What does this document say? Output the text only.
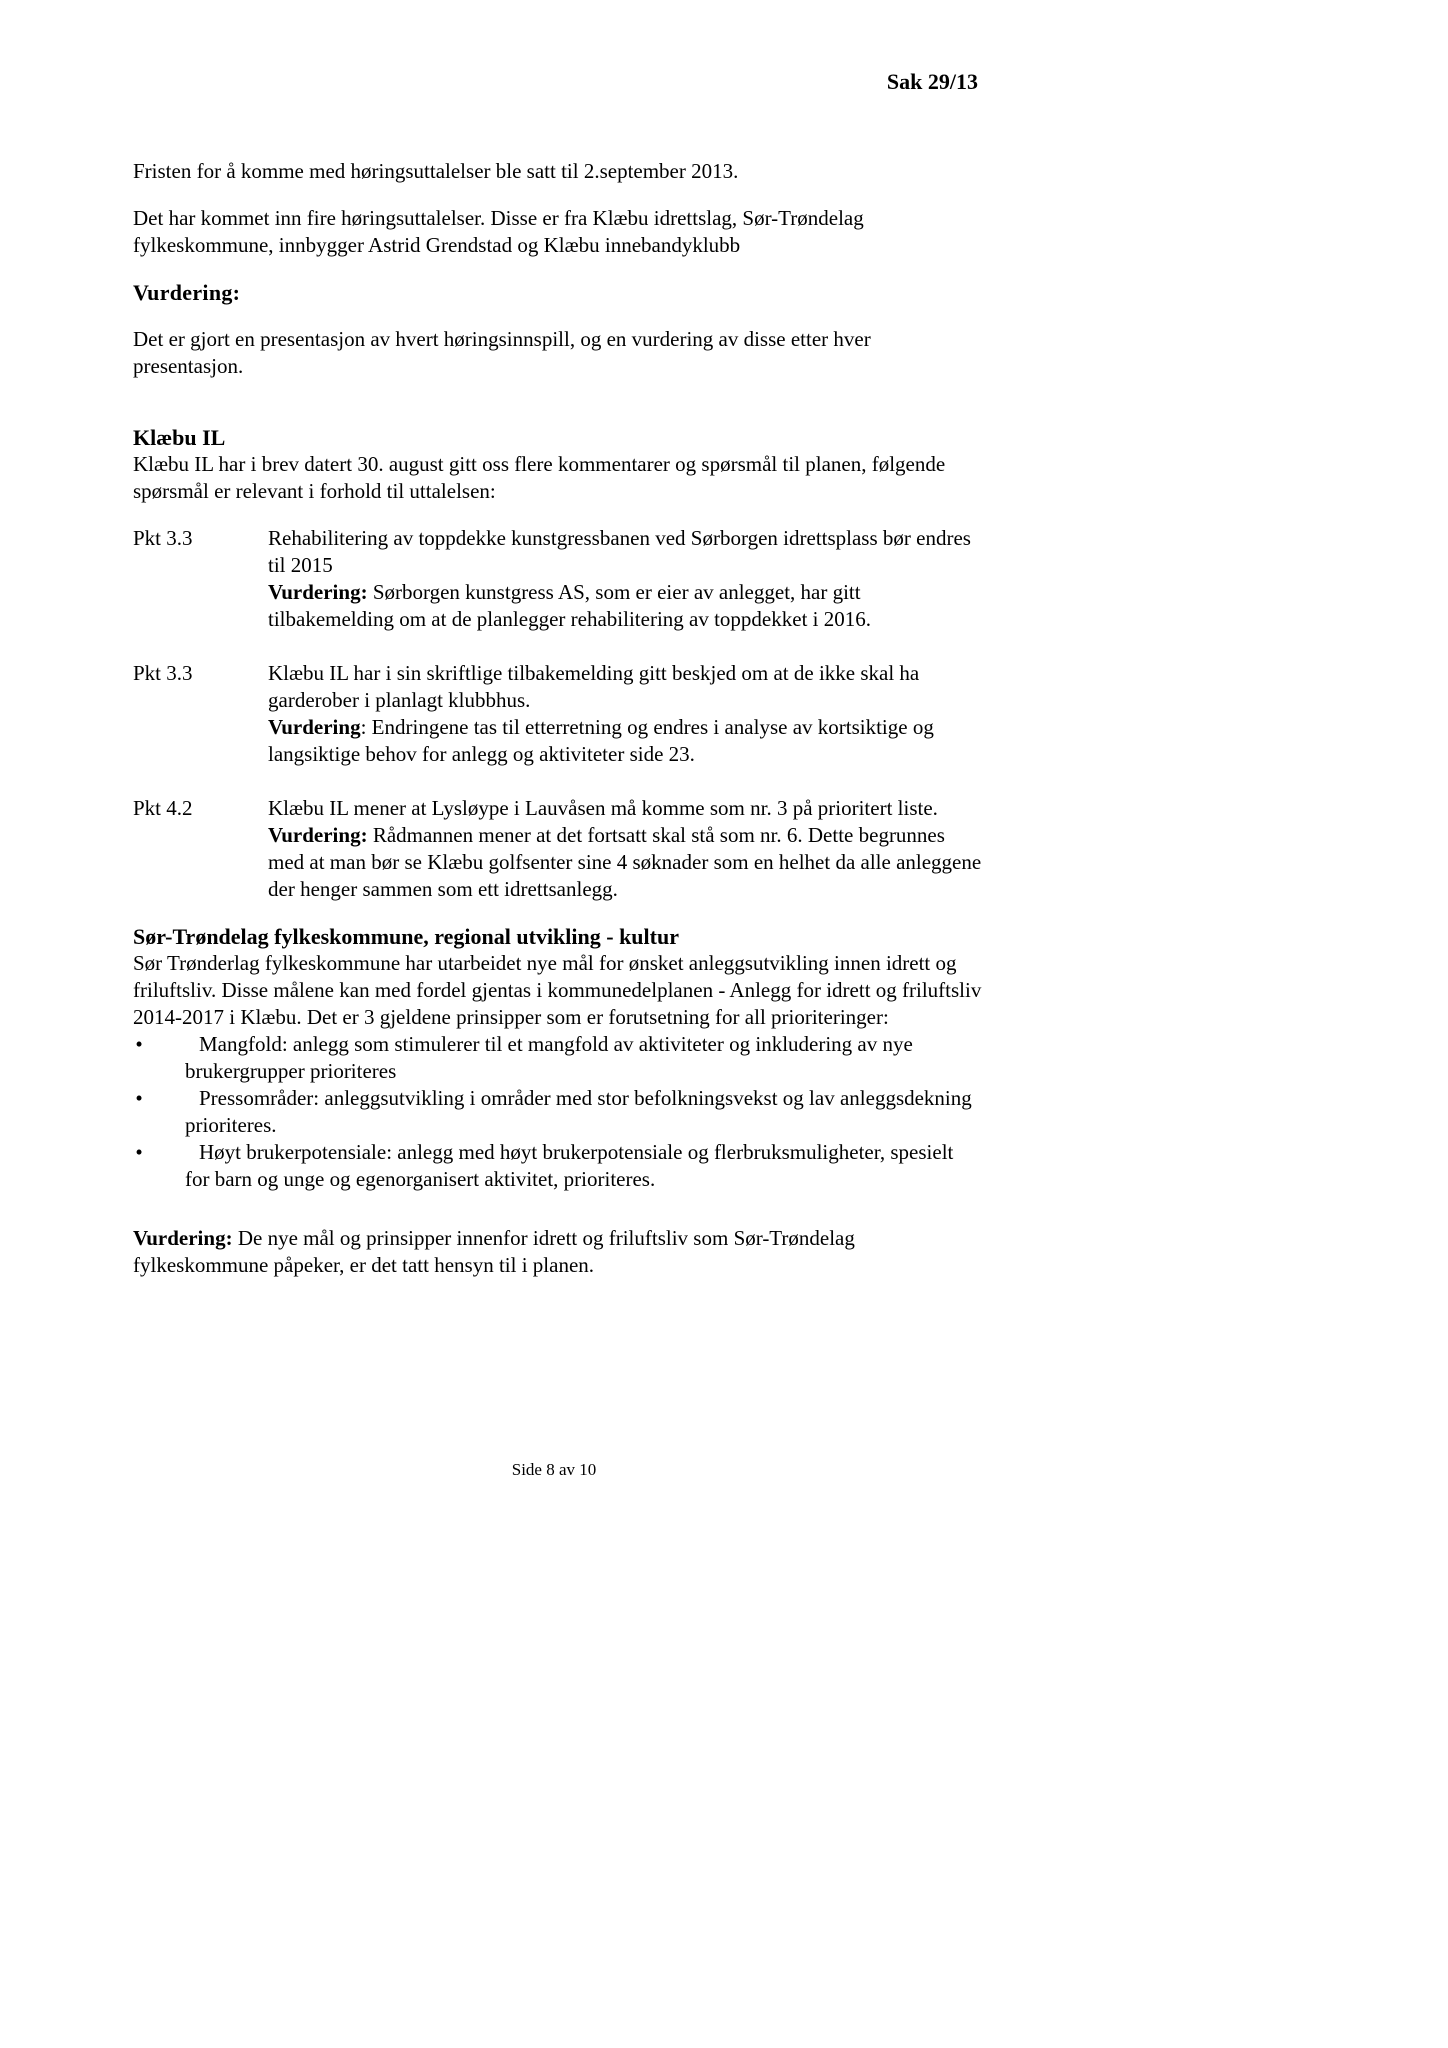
Sak 29/13

Fristen for å komme med høringsuttalelser ble satt til 2.september 2013.

Det har kommet inn fire høringsuttalelser. Disse er fra Klæbu idrettslag, Sør-Trøndelag fylkeskommune, innbygger Astrid Grendstad og Klæbu innebandyklubb

Vurdering:

Det er gjort en presentasjon av hvert høringsinnspill, og en vurdering av disse etter hver presentasjon.

Klæbu IL

Klæbu IL har i brev datert 30. august gitt oss flere kommentarer og spørsmål til planen, følgende spørsmål er relevant i forhold til uttalelsen:

Pkt 3.3	Rehabilitering av toppdekke kunstgressbanen ved Sørborgen idrettsplass bør endres til 2015

Vurdering: Sørborgen kunstgress AS, som er eier av anlegget, har gitt tilbakemelding om at de planlegger rehabilitering av toppdekket i 2016.

Pkt 3.3	Klæbu IL har i sin skriftlige tilbakemelding gitt beskjed om at de ikke skal ha garderober i planlagt klubbhus.

Vurdering: Endringene tas til etterretning og endres i analyse av kortsiktige og langsiktige behov for anlegg og aktiviteter side 23.

Pkt 4.2	Klæbu IL mener at Lysløype i Lauvåsen må komme som nr. 3 på prioritert liste.

Vurdering: Rådmannen mener at det fortsatt skal stå som nr. 6. Dette begrunnes med at man bør se Klæbu golfsenter sine 4 søknader som en helhet da alle anleggene der henger sammen som ett idrettsanlegg.

Sør-Trøndelag fylkeskommune, regional utvikling - kultur

Sør Trønderlag fylkeskommune har utarbeidet nye mål for ønsket anleggsutvikling innen idrett og friluftsliv. Disse målene kan med fordel gjentas i kommunedelplanen - Anlegg for idrett og friluftsliv 2014-2017 i Klæbu. Det er 3 gjeldene prinsipper som er forutsetning for all prioriteringer:

•	Mangfold: anlegg som stimulerer til et mangfold av aktiviteter og inkludering av nye brukergrupper prioriteres
•	Pressområder: anleggsutvikling i områder med stor befolkningsvekst og lav anleggsdekning prioriteres.
•	Høyt brukerpotensiale: anlegg med høyt brukerpotensiale og flerbruksmuligheter, spesielt for barn og unge og egenorganisert aktivitet, prioriteres.

Vurdering: De nye mål og prinsipper innenfor idrett og friluftsliv som Sør-Trøndelag fylkeskommune påpeker, er det tatt hensyn til i planen.

Side 8 av 10
